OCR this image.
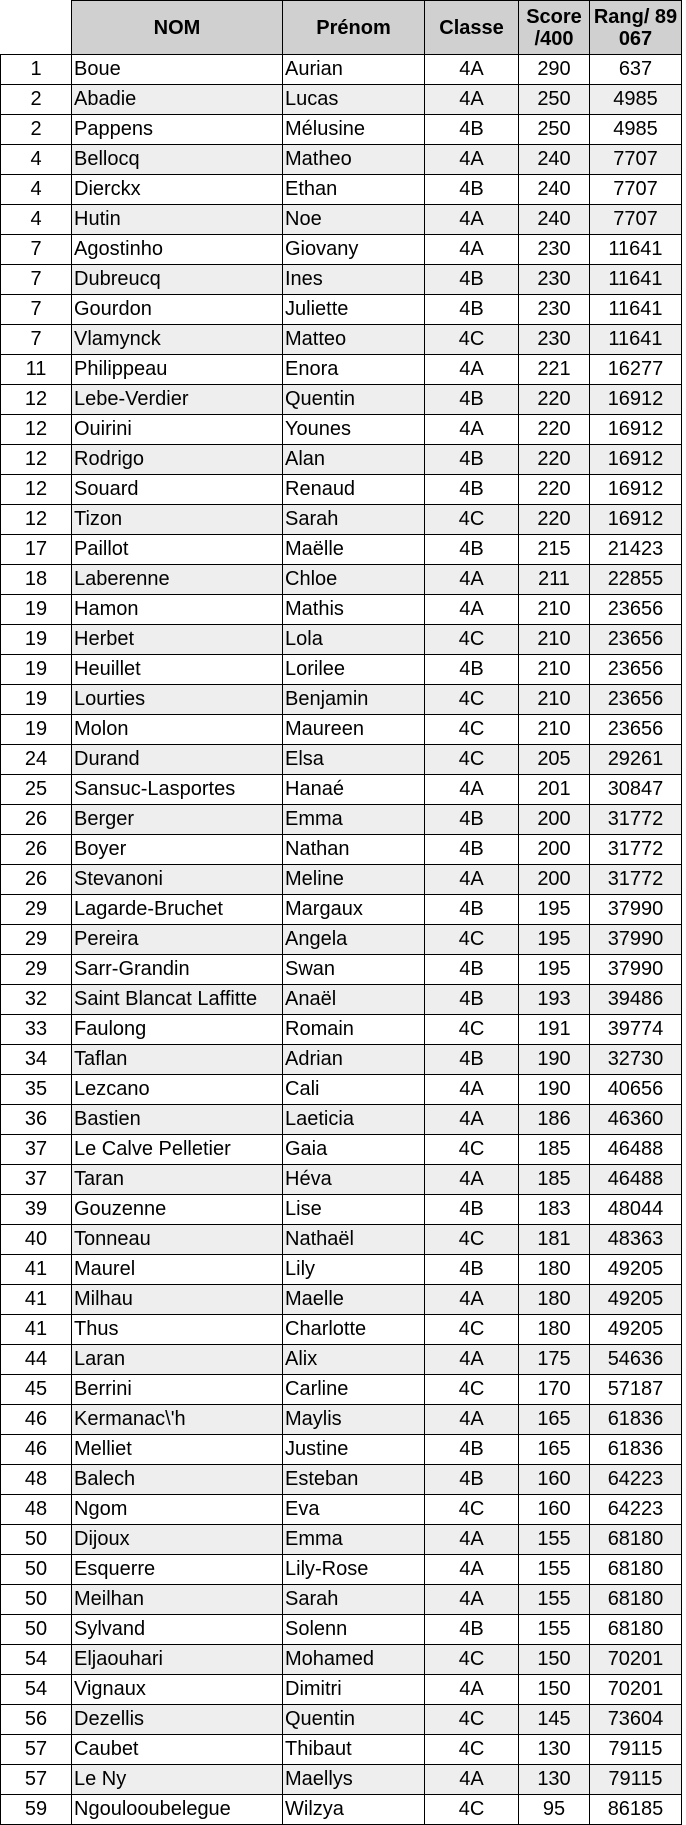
	NOM	Prénom	Classe	Score /400	Rang/ 89 067
1	Boue	Aurian	4A	290	637
2	Abadie	Lucas	4A	250	4985
2	Pappens	Mélusine	4B	250	4985
4	Bellocq	Matheo	4A	240	7707
4	Dierckx	Ethan	4B	240	7707
4	Hutin	Noe	4A	240	7707
7	Agostinho	Giovany	4A	230	11641
7	Dubreucq	Ines	4B	230	11641
7	Gourdon	Juliette	4B	230	11641
7	Vlamynck	Matteo	4C	230	11641
11	Philippeau	Enora	4A	221	16277
12	Lebe-Verdier	Quentin	4B	220	16912
12	Ouirini	Younes	4A	220	16912
12	Rodrigo	Alan	4B	220	16912
12	Souard	Renaud	4B	220	16912
12	Tizon	Sarah	4C	220	16912
17	Paillot	Maëlle	4B	215	21423
18	Laberenne	Chloe	4A	211	22855
19	Hamon	Mathis	4A	210	23656
19	Herbet	Lola	4C	210	23656
19	Heuillet	Lorilee	4B	210	23656
19	Lourties	Benjamin	4C	210	23656
19	Molon	Maureen	4C	210	23656
24	Durand	Elsa	4C	205	29261
25	Sansuc-Lasportes	Hanaé	4A	201	30847
26	Berger	Emma	4B	200	31772
26	Boyer	Nathan	4B	200	31772
26	Stevanoni	Meline	4A	200	31772
29	Lagarde-Bruchet	Margaux	4B	195	37990
29	Pereira	Angela	4C	195	37990
29	Sarr-Grandin	Swan	4B	195	37990
32	Saint Blancat Laffitte	Anaël	4B	193	39486
33	Faulong	Romain	4C	191	39774
34	Taflan	Adrian	4B	190	32730
35	Lezcano	Cali	4A	190	40656
36	Bastien	Laeticia	4A	186	46360
37	Le Calve Pelletier	Gaia	4C	185	46488
37	Taran	Héva	4A	185	46488
39	Gouzenne	Lise	4B	183	48044
40	Tonneau	Nathaël	4C	181	48363
41	Maurel	Lily	4B	180	49205
41	Milhau	Maelle	4A	180	49205
41	Thus	Charlotte	4C	180	49205
44	Laran	Alix	4A	175	54636
45	Berrini	Carline	4C	170	57187
46	Kermanac\'h	Maylis	4A	165	61836
46	Melliet	Justine	4B	165	61836
48	Balech	Esteban	4B	160	64223
48	Ngom	Eva	4C	160	64223
50	Dijoux	Emma	4A	155	68180
50	Esquerre	Lily-Rose	4A	155	68180
50	Meilhan	Sarah	4A	155	68180
50	Sylvand	Solenn	4B	155	68180
54	Eljaouhari	Mohamed	4C	150	70201
54	Vignaux	Dimitri	4A	150	70201
56	Dezellis	Quentin	4C	145	73604
57	Caubet	Thibaut	4C	130	79115
57	Le Ny	Maellys	4A	130	79115
59	Ngoulooubelegue	Wilzya	4C	95	86185
